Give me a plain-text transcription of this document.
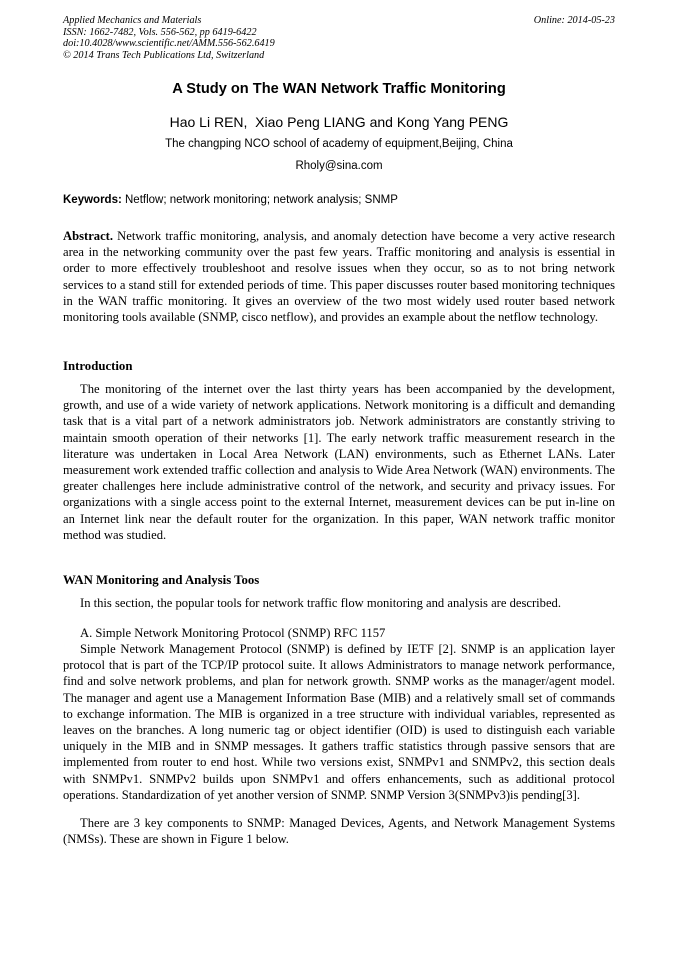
Applied Mechanics and Materials
ISSN: 1662-7482, Vols. 556-562, pp 6419-6422
doi:10.4028/www.scientific.net/AMM.556-562.6419
© 2014 Trans Tech Publications Ltd, Switzerland
Online: 2014-05-23
A Study on The WAN Network Traffic Monitoring
Hao Li REN,  Xiao Peng LIANG and Kong Yang PENG
The changping NCO school of academy of equipment,Beijing, China
Rholy@sina.com
Keywords: Netflow; network monitoring; network analysis; SNMP
Abstract. Network traffic monitoring, analysis, and anomaly detection have become a very active research area in the networking community over the past few years. Traffic monitoring and analysis is essential in order to more effectively troubleshoot and resolve issues when they occur, so as to not bring network services to a stand still for extended periods of time. This paper discusses router based monitoring techniques in the WAN traffic monitoring. It gives an overview of the two most widely used router based network monitoring tools available (SNMP, cisco netflow), and provides an example about the netflow technology.
Introduction
The monitoring of the internet over the last thirty years has been accompanied by the development, growth, and use of a wide variety of network applications. Network monitoring is a difficult and demanding task that is a vital part of a network administrators job. Network administrators are constantly striving to maintain smooth operation of their networks [1]. The early network traffic measurement research in the literature was undertaken in Local Area Network (LAN) environments, such as Ethernet LANs. Later measurement work extended traffic collection and analysis to Wide Area Network (WAN) environments. The greater challenges here include administrative control of the network, and security and privacy issues. For organizations with a single access point to the external Internet, measurement devices can be put in-line on an Internet link near the default router for the organization. In this paper, WAN network traffic monitor method was studied.
WAN Monitoring and Analysis Toos
In this section, the popular tools for network traffic flow monitoring and analysis are described.
A. Simple Network Monitoring Protocol (SNMP) RFC 1157
Simple Network Management Protocol (SNMP) is defined by IETF [2]. SNMP is an application layer protocol that is part of the TCP/IP protocol suite. It allows Administrators to manage network performance, find and solve network problems, and plan for network growth. SNMP works as the manager/agent model. The manager and agent use a Management Information Base (MIB) and a relatively small set of commands to exchange information. The MIB is organized in a tree structure with individual variables, represented as leaves on the branches. A long numeric tag or object identifier (OID) is used to distinguish each variable uniquely in the MIB and in SNMP messages. It gathers traffic statistics through passive sensors that are implemented from router to end host. While two versions exist, SNMPv1 and SNMPv2, this section deals with SNMPv1. SNMPv2 builds upon SNMPv1 and offers enhancements, such as additional protocol operations. Standardization of yet another version of SNMP. SNMP Version 3(SNMPv3)is pending[3].
There are 3 key components to SNMP: Managed Devices, Agents, and Network Management Systems (NMSs). These are shown in Figure 1 below.
